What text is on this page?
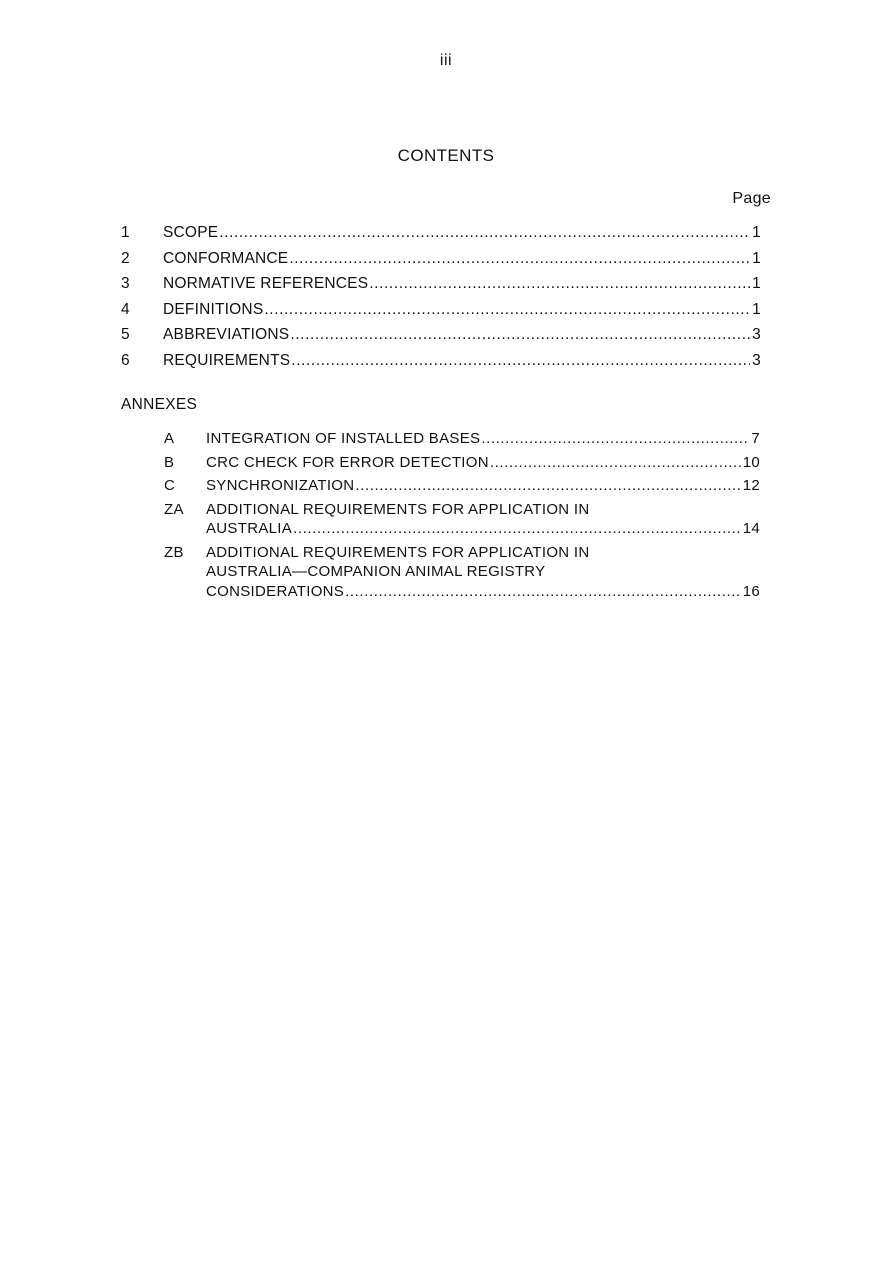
iii
CONTENTS
Page
1	SCOPE .....	1
2	CONFORMANCE .....	1
3	NORMATIVE REFERENCES .....	1
4	DEFINITIONS .....	1
5	ABBREVIATIONS .....	3
6	REQUIREMENTS .....	3
ANNEXES
A	INTEGRATION OF INSTALLED BASES .....	7
B	CRC CHECK FOR ERROR DETECTION .....	10
C	SYNCHRONIZATION .....	12
ZA	ADDITIONAL REQUIREMENTS FOR APPLICATION IN
AUSTRALIA .....	14
ZB	ADDITIONAL REQUIREMENTS FOR APPLICATION IN
AUSTRALIA—COMPANION ANIMAL REGISTRY
CONSIDERATIONS .....	16
